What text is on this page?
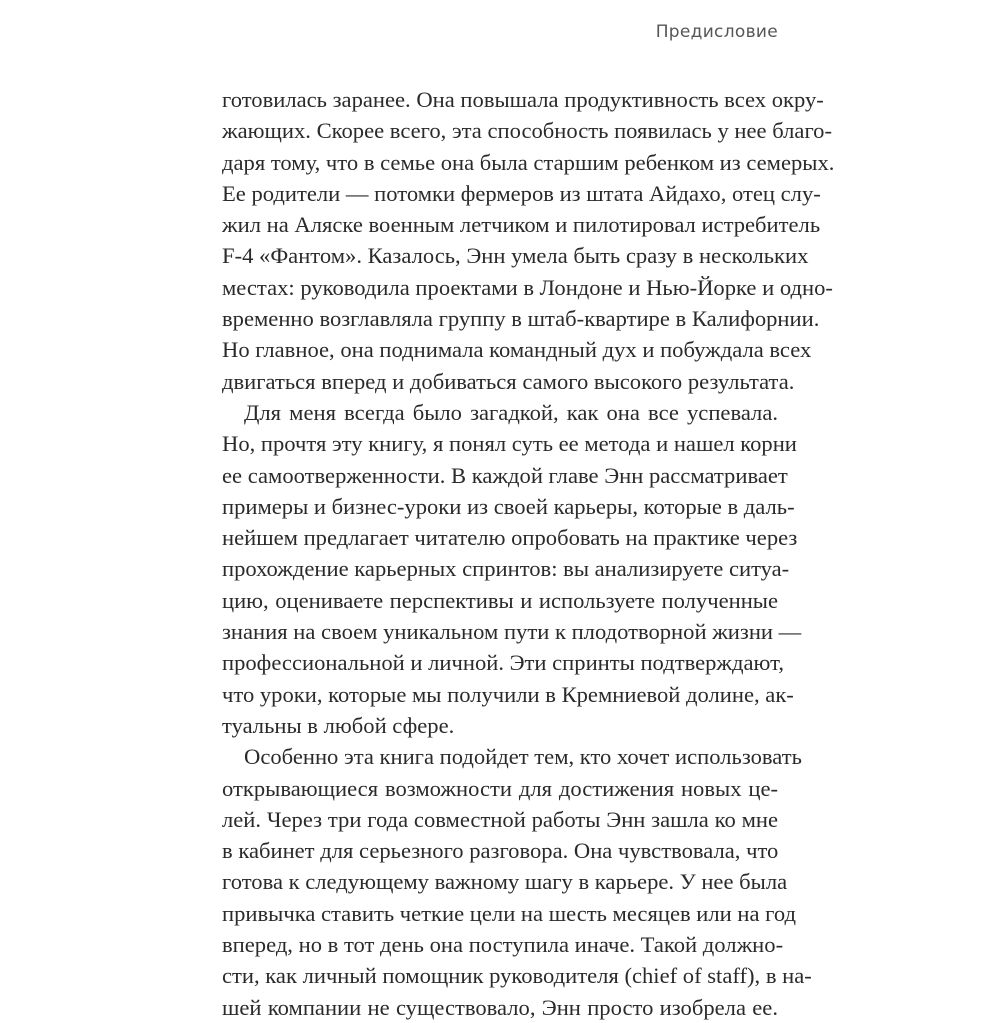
Предисловие
готовилась заранее. Она повышала продуктивность всех окру-
жающих. Скорее всего, эта способность появилась у нее благо-
даря тому, что в семье она была старшим ребенком из семерых.
Ее родители — потомки фермеров из штата Айдахо, отец слу-
жил на Аляске военным летчиком и пилотировал истребитель
F-4 «Фантом». Казалось, Энн умела быть сразу в нескольких
местах: руководила проектами в Лондоне и Нью-Йорке и одно-
временно возглавляла группу в штаб-квартире в Калифорнии.
Но главное, она поднимала командный дух и побуждала всех
двигаться вперед и добиваться самого высокого результата.
Для меня всегда было загадкой, как она все успевала.
Но, прочтя эту книгу, я понял суть ее метода и нашел корни
ее самоотверженности. В каждой главе Энн рассматривает
примеры и бизнес-уроки из своей карьеры, которые в даль-
нейшем предлагает читателю опробовать на практике через
прохождение карьерных спринтов: вы анализируете ситуа-
цию, оцениваете перспективы и используете полученные
знания на своем уникальном пути к плодотворной жизни —
профессиональной и личной. Эти спринты подтверждают,
что уроки, которые мы получили в Кремниевой долине, ак-
туальны в любой сфере.
Особенно эта книга подойдет тем, кто хочет использовать
открывающиеся возможности для достижения новых це-
лей. Через три года совместной работы Энн зашла ко мне
в кабинет для серьезного разговора. Она чувствовала, что
готова к следующему важному шагу в карьере. У нее была
привычка ставить четкие цели на шесть месяцев или на год
вперед, но в тот день она поступила иначе. Такой должно-
сти, как личный помощник руководителя (chief of staff), в на-
шей компании не существовало, Энн просто изобрела ее.
